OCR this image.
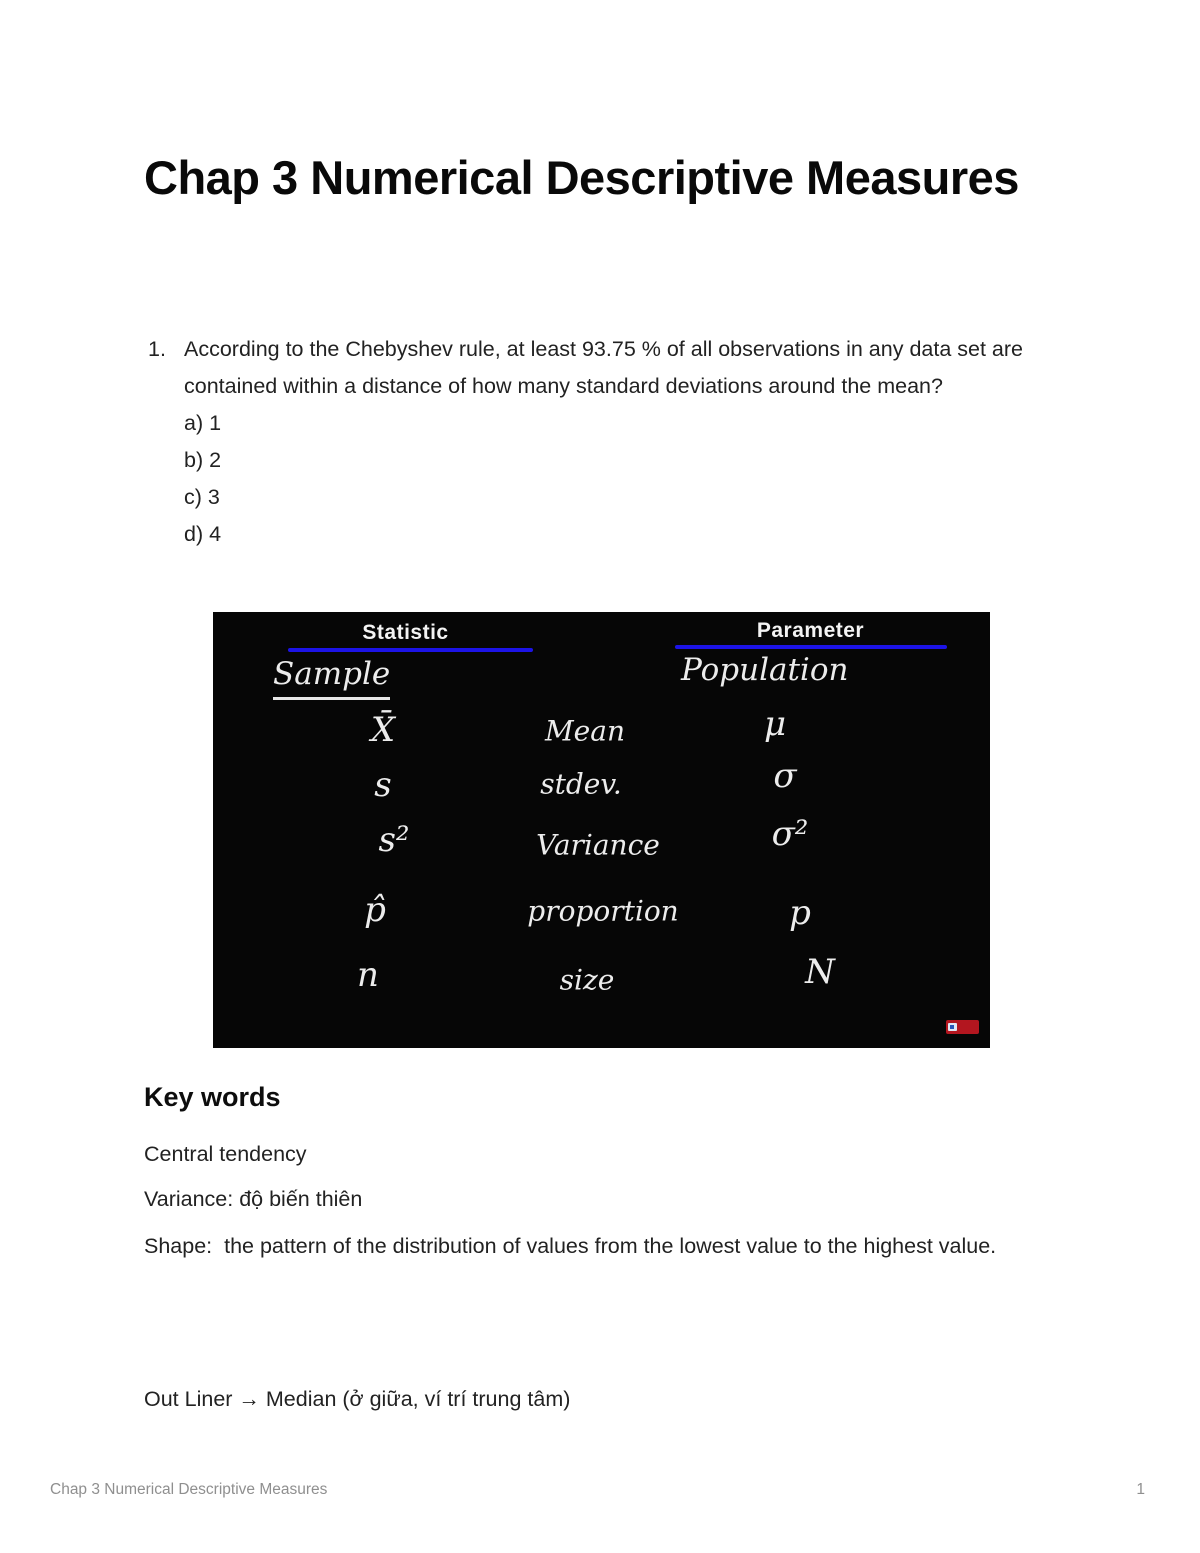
Chap 3 Numerical Descriptive Measures
1. According to the Chebyshev rule, at least 93.75 % of all observations in any data set are contained within a distance of how many standard deviations around the mean?
a) 1
b) 2
c) 3
d) 4
Statistic	Parameter
Sample	Population
X̄	Mean	μ
s	stdev.	σ
s²	Variance	σ²
p̂	proportion	p
n	size	N
Key words

Central tendency

Variance: độ biến thiên

Shape:  the pattern of the distribution of values from the lowest value to the highest value.

Out Liner → Median (ở giữa, ví trí trung tâm)

Chap 3 Numerical Descriptive Measures	1
